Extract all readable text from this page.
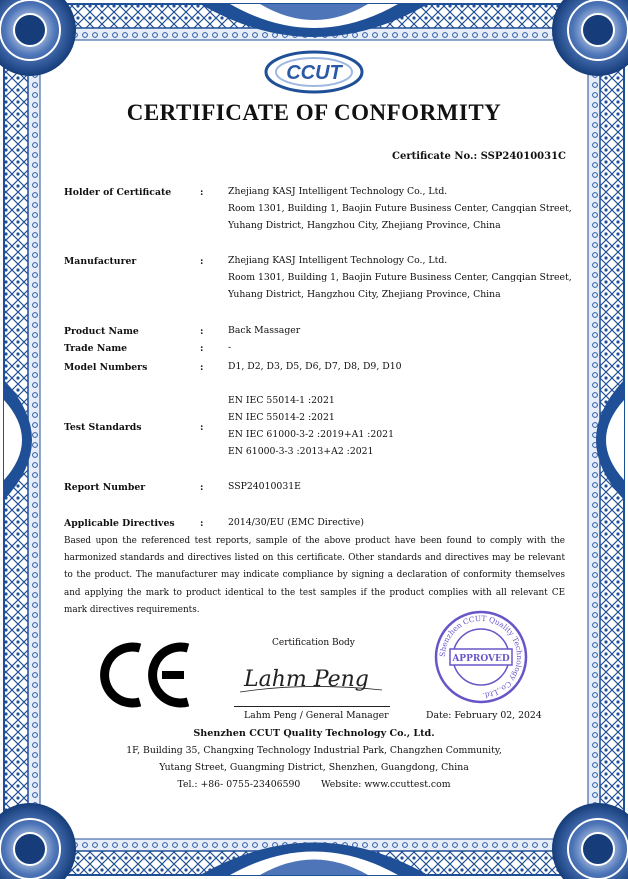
CCUT
CERTIFICATE OF CONFORMITY
Certificate No.: SSP24010031C
Holder of Certificate	:	Zhejiang KASJ Intelligent Technology Co., Ltd.
Room 1301, Building 1, Baojin Future Business Center, Cangqian Street,
Yuhang District, Hangzhou City, Zhejiang Province, China
Manufacturer	:	Zhejiang KASJ Intelligent Technology Co., Ltd.
Room 1301, Building 1, Baojin Future Business Center, Cangqian Street,
Yuhang District, Hangzhou City, Zhejiang Province, China
Product Name	:	Back Massager
Trade Name	:	-
Model Numbers	:	D1, D2, D3, D5, D6, D7, D8, D9, D10
Test Standards	:
EN IEC 55014-1 :2021
EN IEC 55014-2 :2021
EN IEC 61000-3-2 :2019+A1 :2021
EN 61000-3-3 :2013+A2 :2021
Report Number	:	SSP24010031E
Applicable Directives	:	2014/30/EU (EMC Directive)
Based upon the referenced test reports, sample of the above product have been found to comply with the harmonized standards and directives listed on this certificate. Other standards and directives may be relevant to the product. The manufacturer may indicate compliance by signing a declaration of conformity themselves and applying the mark to product identical to the test samples if the product complies with all relevant CE mark directives requirements.
CE	Certification Body
Lahm Peng
Lahm Peng / General Manager	Date: February 02, 2024
Shenzhen CCUT Quality Technology Co.,Ltd.
APPROVED
Shenzhen CCUT Quality Technology Co., Ltd.
1F, Building 35, Changxing Technology Industrial Park, Changzhen Community,
Yutang Street, Guangming District, Shenzhen, Guangdong, China
Tel.: +86- 0755-23406590       Website: www.ccuttest.com
